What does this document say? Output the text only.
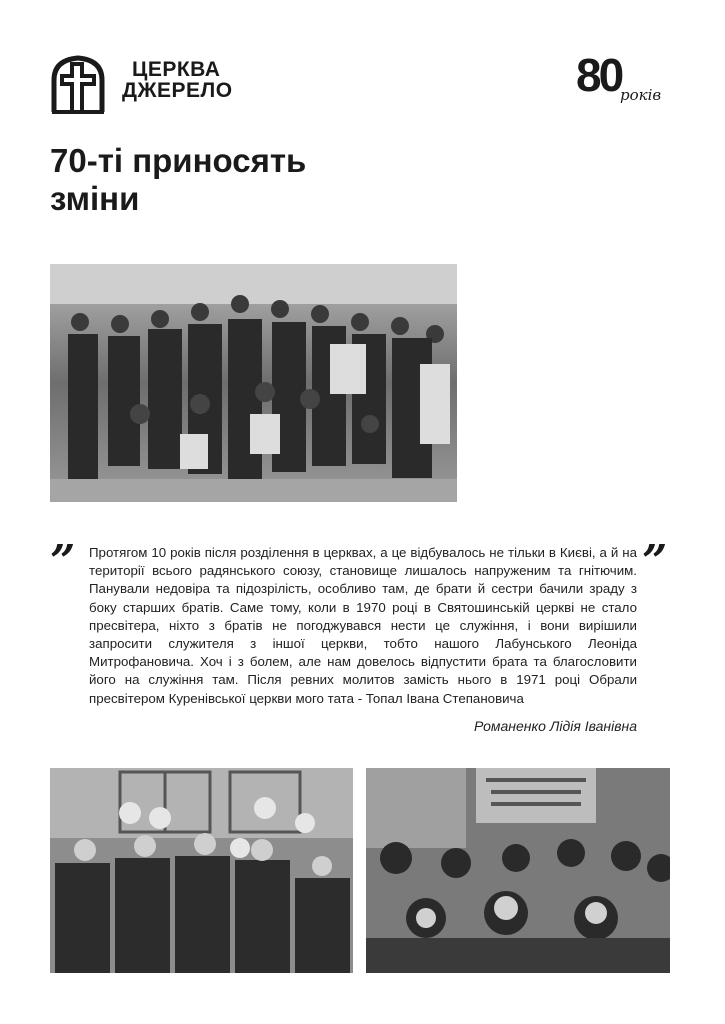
ЦЕРКВА
ДЖЕРЕЛО	80
років
70-ті приносять
зміни
” Протягом 10 років після розділення в церквах, а це відбувалось не тільки в Києві, а й на території всього радянського союзу, становище лишалось напруженим та гнітючим. Панували недовіра та підозрілість, особливо там, де брати й сестри бачили зраду з боку старших братів. Саме тому, коли в 1970 році в Святошинській церкві не стало пресвітера, ніхто з братів не погоджувався нести це служіння, і вони вирішили запросити служителя з іншої церкви, тобто нашого Лабунського Леоніда Митрофановича. Хоч і з болем, але нам довелось відпустити брата та благословити його на служіння там. Після ревних молитов замість нього в 1971 році Обрали пресвітером Куренівської церкви мого тата - Топал Івана Степановича

”
Романенко Лідія Іванівна
